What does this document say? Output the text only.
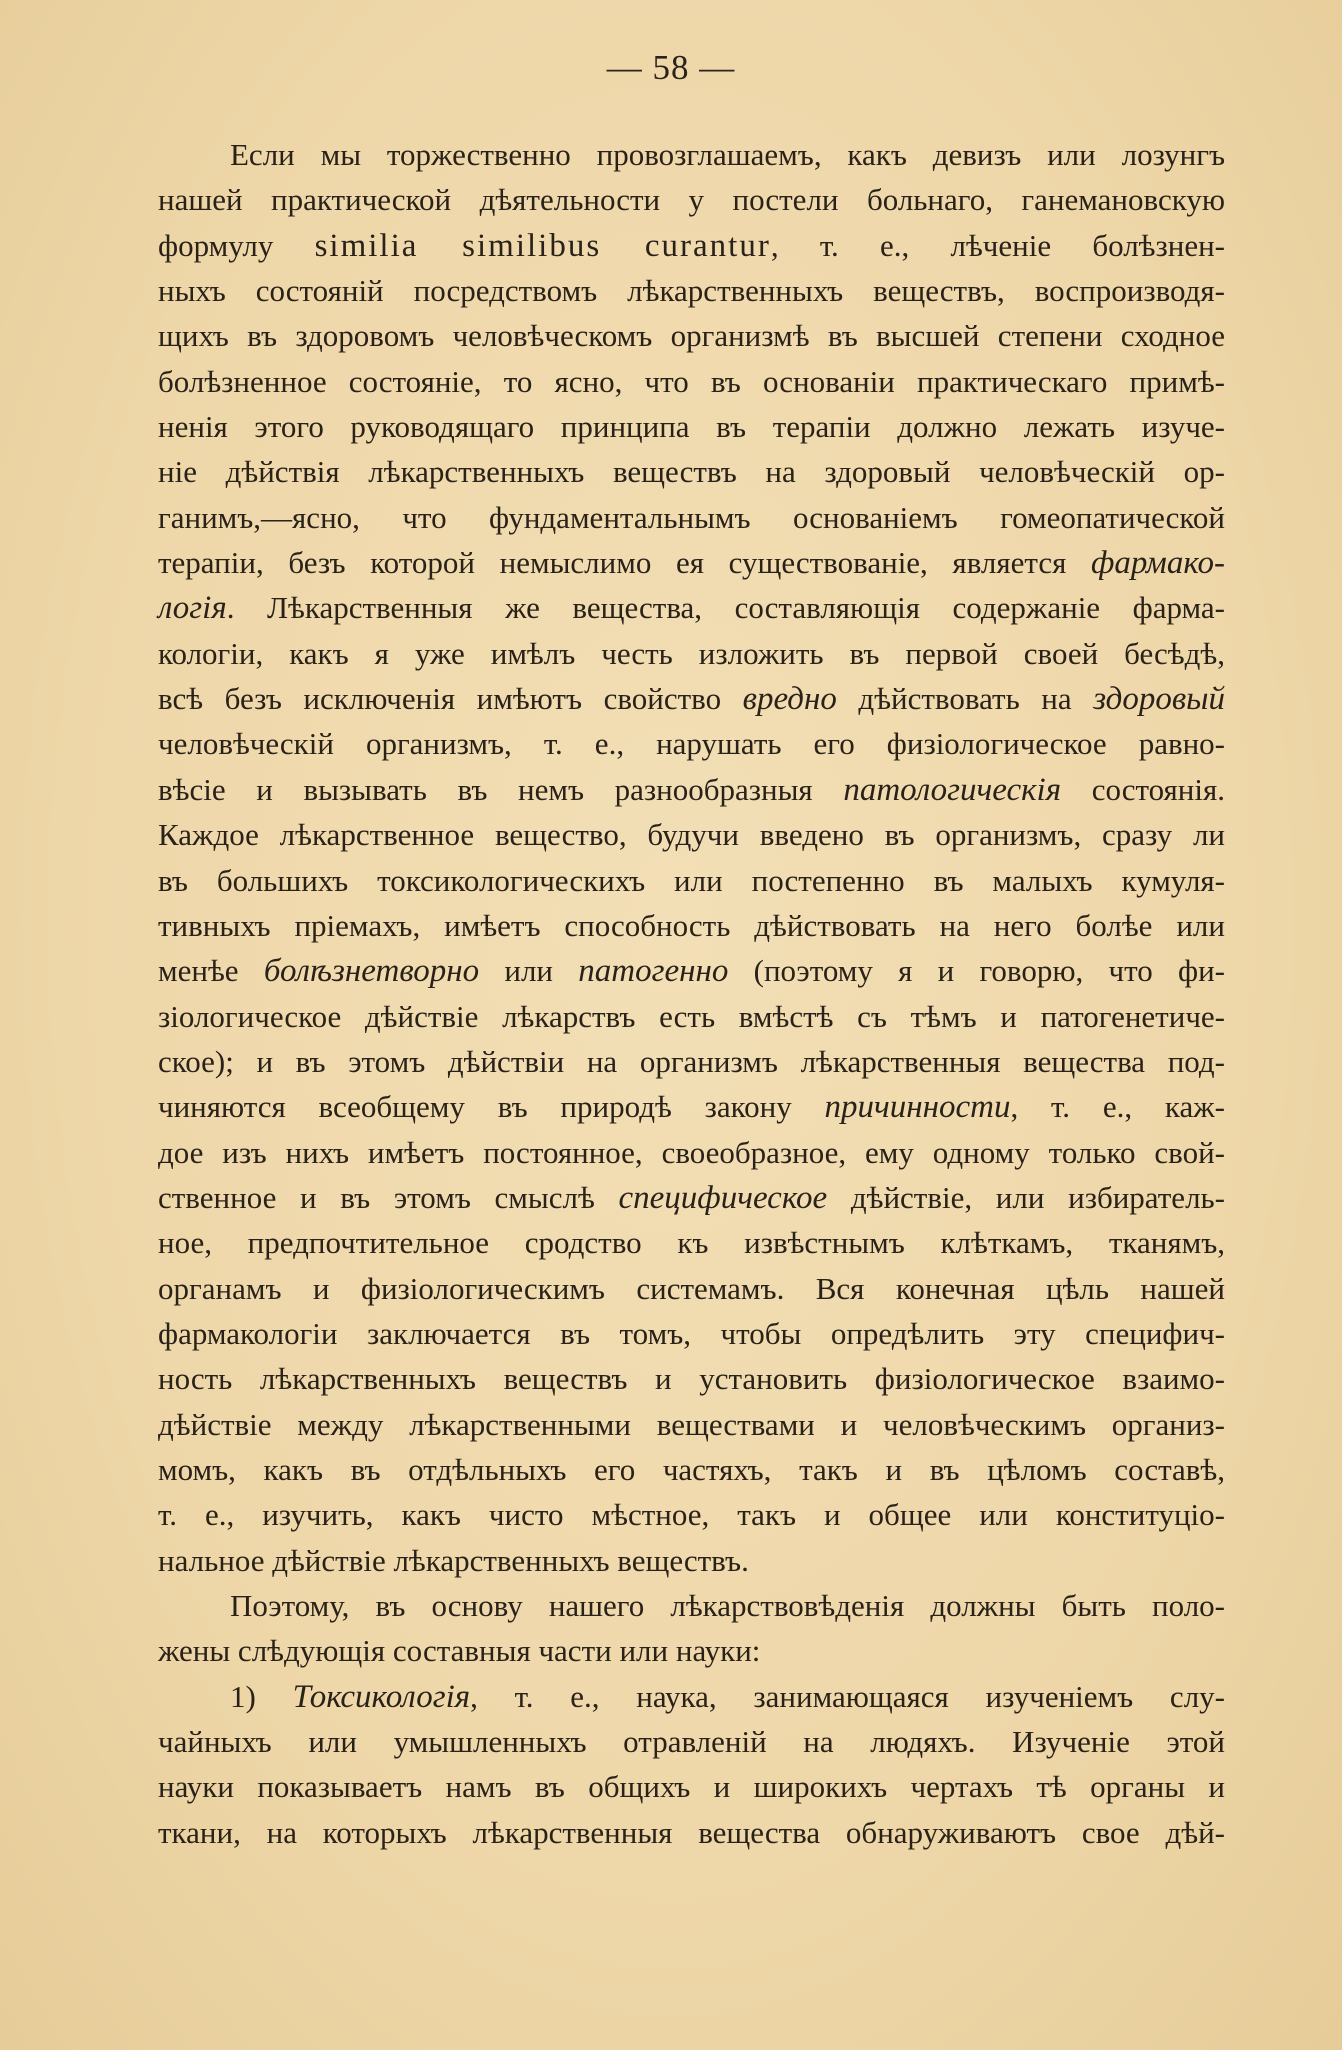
— 58 —
Если мы торжественно провозглашаемъ, какъ девизъ или лозунгъ
нашей практической дѣятельности у постели больнаго, ганемановскую
формулу similia similibus curantur, т. е., лѣченіе болѣзнен-
ныхъ состояній посредствомъ лѣкарственныхъ веществъ, воспроизводя-
щихъ въ здоровомъ человѣческомъ организмѣ въ высшей степени сходное
болѣзненное состояніе, то ясно, что въ основаніи практическаго примѣ-
ненія этого руководящаго принципа въ терапіи должно лежать изуче-
ніе дѣйствія лѣкарственныхъ веществъ на здоровый человѣческій ор-
ганимъ,—ясно, что фундаментальнымъ основаніемъ гомеопатической
терапіи, безъ которой немыслимо ея существованіе, является фармако-
логія. Лѣкарственныя же вещества, составляющія содержаніе фарма-
кологіи, какъ я уже имѣлъ честь изложить въ первой своей бесѣдѣ,
всѣ безъ исключенія имѣютъ свойство вредно дѣйствовать на здоровый
человѣческій организмъ, т. е., нарушать его физіологическое равно-
вѣсіе и вызывать въ немъ разнообразныя патологическія состоянія.
Каждое лѣкарственное вещество, будучи введено въ организмъ, сразу ли
въ большихъ токсикологическихъ или постепенно въ малыхъ кумуля-
тивныхъ пріемахъ, имѣетъ способность дѣйствовать на него болѣе или
менѣе болѣзнетворно или патогенно (поэтому я и говорю, что фи-
зіологическое дѣйствіе лѣкарствъ есть вмѣстѣ съ тѣмъ и патогенетиче-
ское); и въ этомъ дѣйствіи на организмъ лѣкарственныя вещества под-
чиняются всеобщему въ природѣ закону причинности, т. е., каж-
дое изъ нихъ имѣетъ постоянное, своеобразное, ему одному только свой-
ственное и въ этомъ смыслѣ специфическое дѣйствіе, или избиратель-
ное, предпочтительное сродство къ извѣстнымъ клѣткамъ, тканямъ,
органамъ и физіологическимъ системамъ. Вся конечная цѣль нашей
фармакологіи заключается въ томъ, чтобы опредѣлить эту специфич-
ность лѣкарственныхъ веществъ и установить физіологическое взаимо-
дѣйствіе между лѣкарственными веществами и человѣческимъ организ-
момъ, какъ въ отдѣльныхъ его частяхъ, такъ и въ цѣломъ составѣ,
т. е., изучить, какъ чисто мѣстное, такъ и общее или конституціо-
нальное дѣйствіе лѣкарственныхъ веществъ.
Поэтому, въ основу нашего лѣкарствовѣденія должны быть поло-
жены слѣдующія составныя части или науки:
1) Токсикологія, т. е., наука, занимающаяся изученіемъ слу-
чайныхъ или умышленныхъ отравленій на людяхъ. Изученіе этой
науки показываетъ намъ въ общихъ и широкихъ чертахъ тѣ органы и
ткани, на которыхъ лѣкарственныя вещества обнаруживаютъ свое дѣй-
